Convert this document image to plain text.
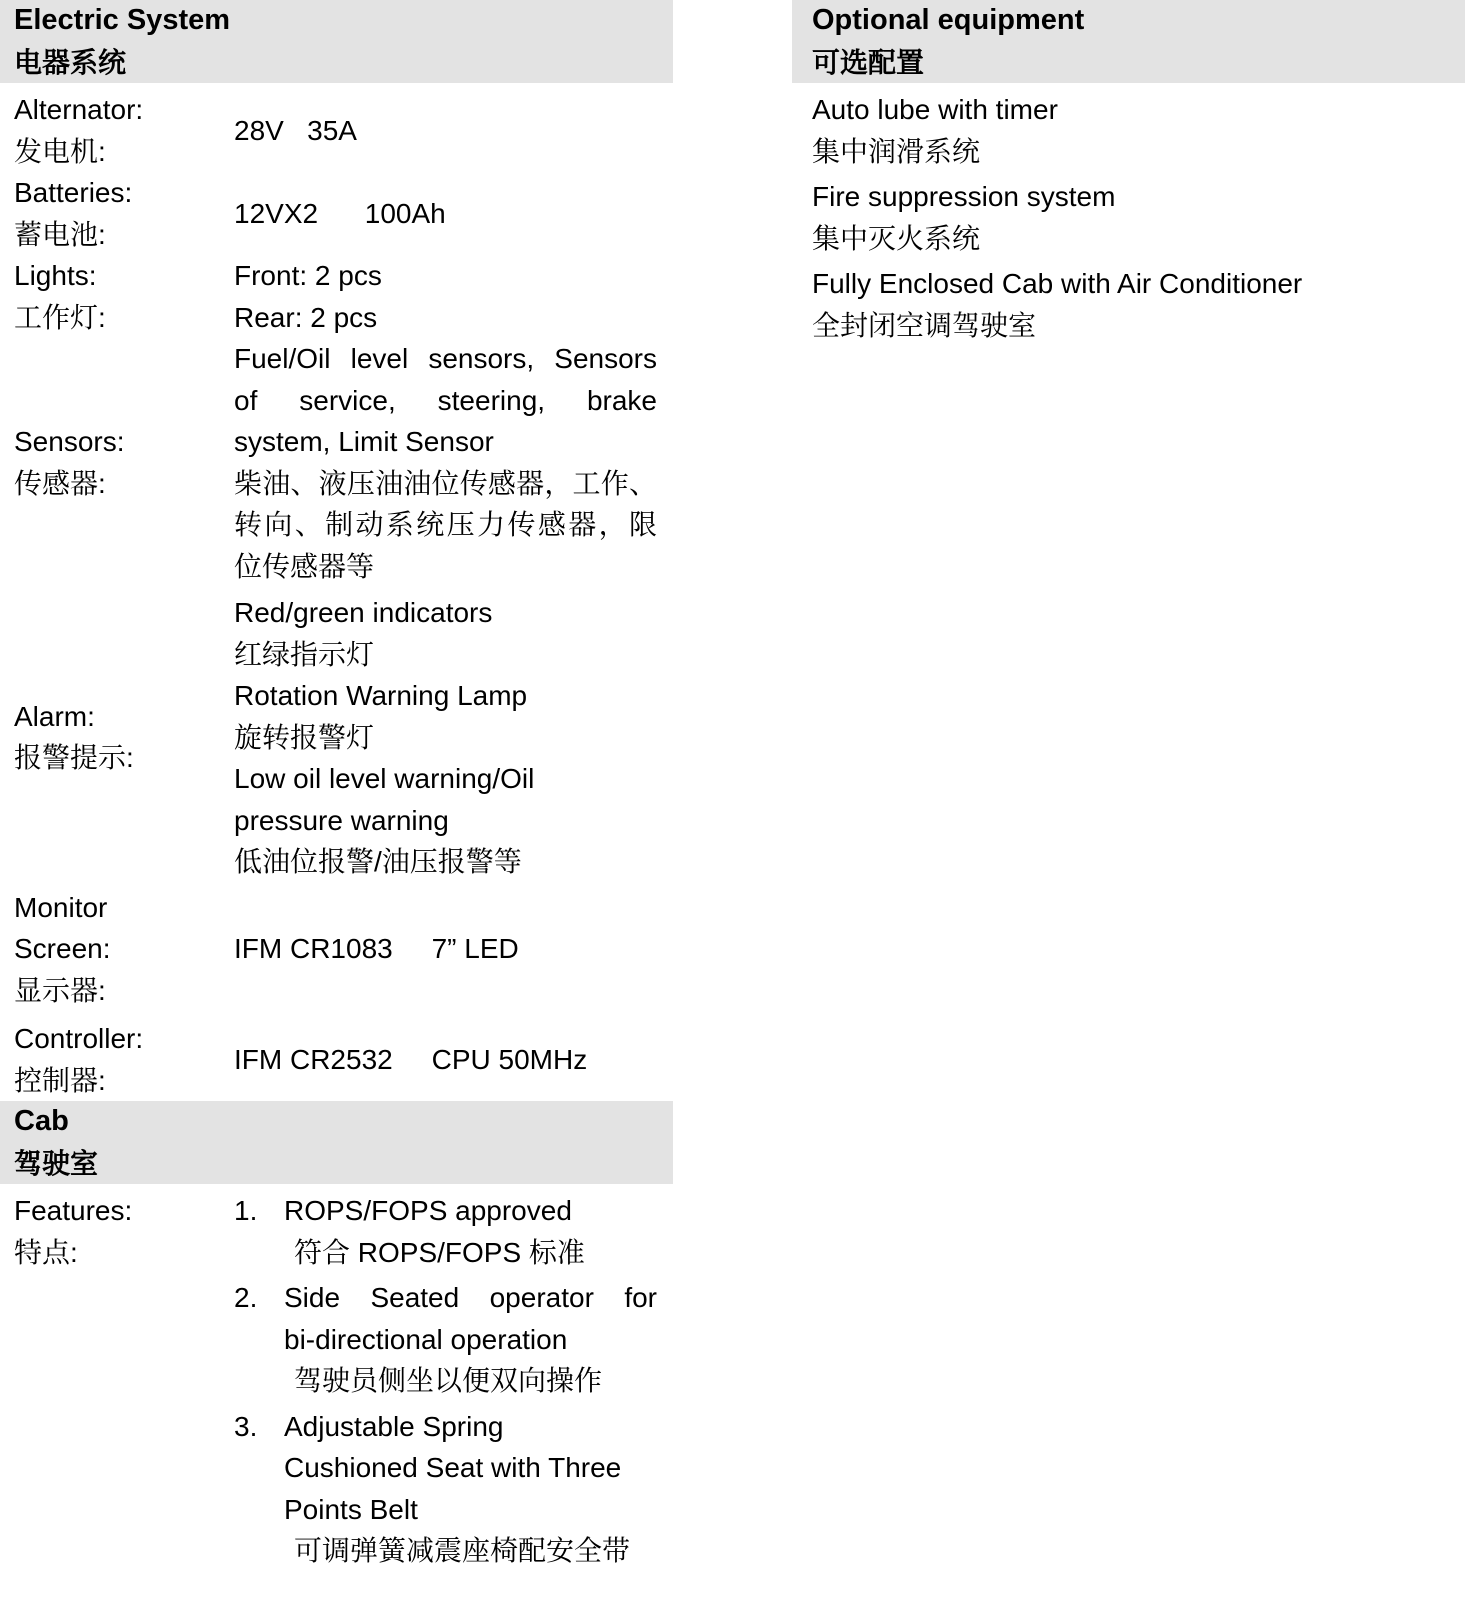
Electric System
电器系统
Alternator:
发电机:
28V   35A
Batteries:
蓄电池:
12VX2      100Ah
Lights:
工作灯:
Front: 2 pcs
Rear: 2 pcs
Sensors:
传感器:
Fuel/Oil level sensors, Sensors
of service, steering, brake
system, Limit Sensor
柴油、液压油油位传感器，工作、
转向、制动系统压力传感器，限
位传感器等
Alarm:
报警提示:
Red/green indicators
红绿指示灯
Rotation Warning Lamp
旋转报警灯
Low oil level warning/Oil
pressure warning
低油位报警/油压报警等
Monitor
Screen:
显示器:
IFM CR1083     7” LED
Controller:
控制器:
IFM CR2532     CPU 50MHz
Cab
驾驶室
Features:
特点:
1. ROPS/FOPS approved
符合 ROPS/FOPS 标准
2. Side Seated operator for
bi-directional operation
驾驶员侧坐以便双向操作
3. Adjustable Spring
Cushioned Seat with Three
Points Belt
可调弹簧减震座椅配安全带
Optional equipment
可选配置
Auto lube with timer
集中润滑系统
Fire suppression system
集中灭火系统
Fully Enclosed Cab with Air Conditioner
全封闭空调驾驶室
